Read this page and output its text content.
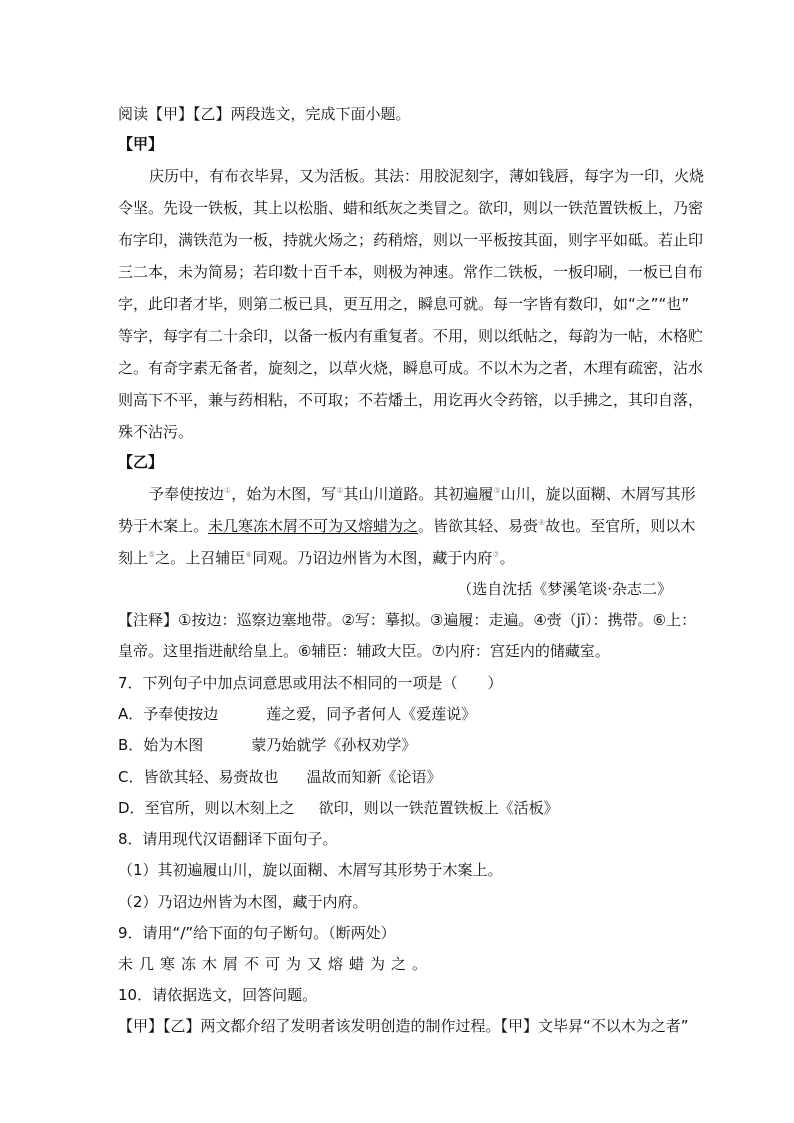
阅读【甲】【乙】两段选文，完成下面小题。
【甲】
庆历中，有布衣毕昇，又为活板。其法：用胶泥刻字，薄如钱唇，每字为一印，火烧
令坚。先设一铁板，其上以松脂、蜡和纸灰之类冒之。欲印，则以一铁范置铁板上，乃密
布字印，满铁范为一板，持就火炀之；药稍熔，则以一平板按其面，则字平如砥。若止印
三二本，未为简易；若印数十百千本，则极为神速。常作二铁板，一板印刷，一板已自布
字，此印者才毕，则第二板已具，更互用之，瞬息可就。每一字皆有数印，如“之”“也”
等字，每字有二十余印，以备一板内有重复者。不用，则以纸帖之，每韵为一帖，木格贮
之。有奇字素无备者，旋刻之，以草火烧，瞬息可成。不以木为之者，木理有疏密，沾水
则高下不平，兼与药相粘，不可取；不若燔土，用讫再火令药镕，以手拂之，其印自落，
殊不沾污。
【乙】
予奉使按边①，始为木图，写②其山川道路。其初遍履③山川，旋以面糊、木屑写其形
势于木案上。未几寒冻木屑不可为又熔蜡为之。皆欲其轻、易赍④故也。至官所，则以木
刻上⑤之。上召辅臣⑥同观。乃诏边州皆为木图，藏于内府⑦。
（选自沈括《梦溪笔谈·杂志二》
【注释】①按边：巡察边塞地带。②写：摹拟。③遍履：走遍。④赍（jī）：携带。⑥上：
皇帝。这里指进献给皇上。⑥辅臣：辅政大臣。⑦内府：宫廷内的储藏室。
7．下列句子中加点词意思或用法不相同的一项是（　　）
A．予奉使按边	莲之爱，同予者何人《爱莲说》
B．始为木图	蒙乃始就学《孙权劝学》
C．皆欲其轻、易赍故也 温故而知新《论语》
D．至官所，则以木刻上之 欲印，则以一铁范置铁板上《活板》
8．请用现代汉语翻译下面句子。
（1）其初遍履山川，旋以面糊、木屑写其形势于木案上。
（2）乃诏边州皆为木图，藏于内府。
9．请用“/”给下面的句子断句。（断两处）
未几寒冻木屑不可为又熔蜡为之。
10．请依据选文，回答问题。
【甲】【乙】两文都介绍了发明者该发明创造的制作过程。【甲】文毕昇“不以木为之者”
